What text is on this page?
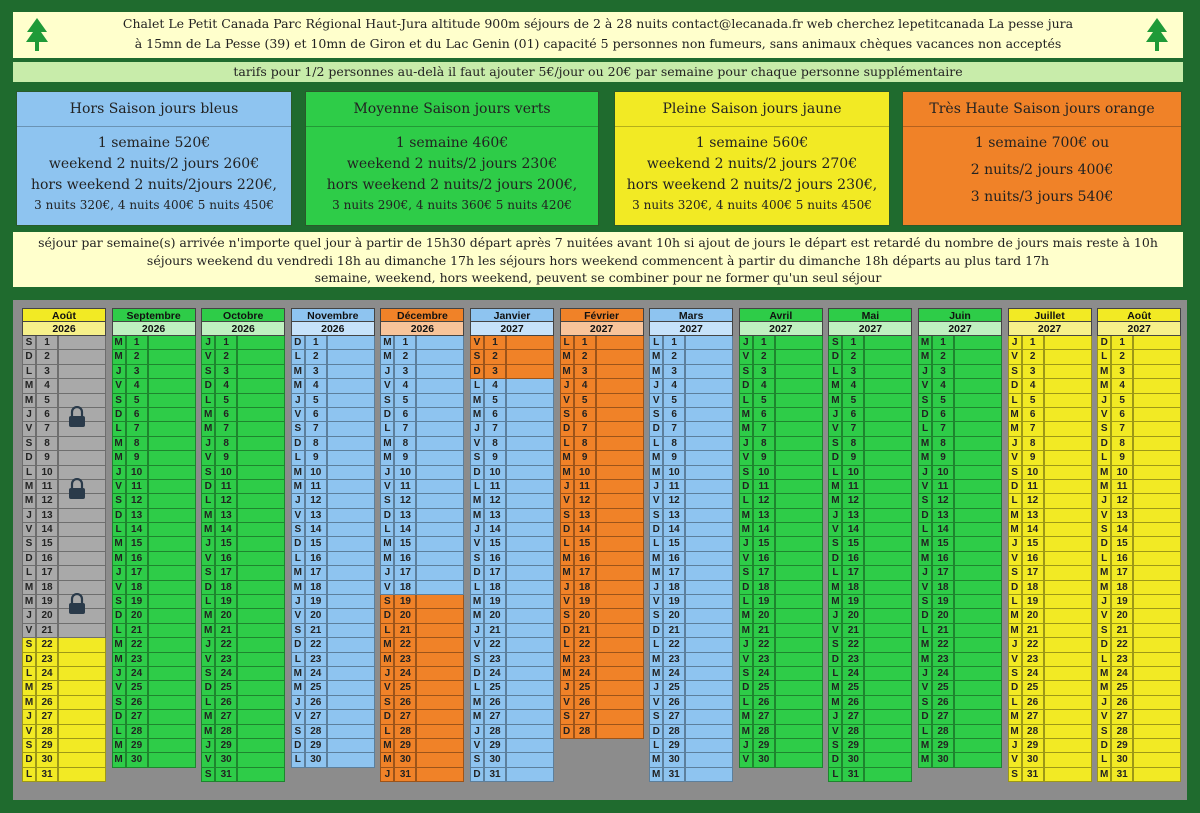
Chalet Le Petit Canada Parc Régional Haut-Jura altitude 900m séjours de 2 à 28 nuits contact@lecanada.fr web cherchez lepetitcanada La pesse jura
à 15mn de La Pesse (39) et 10mn de Giron et du Lac Genin (01) capacité 5 personnes non fumeurs, sans animaux chèques vacances non acceptés
tarifs pour 1/2 personnes au-delà il faut ajouter 5€/jour ou 20€ par semaine pour chaque personne supplémentaire
Hors Saison jours bleus
1 semaine 520€
weekend 2 nuits/2 jours 260€
hors weekend 2 nuits/2jours 220€,
3 nuits 320€, 4 nuits 400€ 5 nuits 450€
Moyenne Saison jours verts
1 semaine 460€
weekend 2 nuits/2 jours 230€
hors weekend 2 nuits/2 jours 200€,
3 nuits 290€, 4 nuits 360€ 5 nuits 420€
Pleine Saison jours jaune
1 semaine 560€
weekend 2 nuits/2 jours 270€
hors weekend 2 nuits/2 jours 230€,
3 nuits 320€, 4 nuits 400€ 5 nuits 450€
Très Haute Saison jours orange
1 semaine 700€ ou
2 nuits/2 jours 400€
3 nuits/3 jours 540€
séjour par semaine(s) arrivée n'importe quel jour à partir de 15h30 départ après 7 nuitées avant 10h si ajout de jours le départ est retardé du nombre de jours mais reste à 10h
séjours weekend du vendredi 18h au dimanche 17h les séjours hors weekend commencent à partir du dimanche 18h départs au plus tard 17h
semaine, weekend, hors weekend, peuvent se combiner pour ne former qu'un seul séjour
Août
2026
S	1
D	2
L	3
M	4
M	5
J	6
V	7
S	8
D	9
L 10
M 11
M 12
J 13
V 14
S 15
D 16
L 17
M 18
M 19
J 20
V 21
S 22
D 23
L 24
M 25
M 26
J 27
V 28
S 29
D 30
L 31
Septembre
2026
M	1
M	2
J	3
V	4
S	5
D	6
L	7
M	8
M	9
J 10
V 11
S 12
D 13
L 14
M 15
M 16
J 17
V 18
S 19
D 20
L 21
M 22
M 23
J 24
V 25
S 26
D 27
L 28
M 29
M 30
Octobre
2026
J	1
V	2
S	3
D	4
L	5
M	6
M	7
J	8
V	9
S 10
D 11
L 12
M 13
M 14
J 15
V 16
S 17
D 18
L 19
M 20
M 21
J 22
V 23
S 24
D 25
L 26
M 27
M 28
J 29
V 30
S 31
Novembre
2026
D	1
L	2
M	3
M	4
J	5
V	6
S	7
D	8
L	9
M 10
M 11
J 12
V 13
S 14
D 15
L 16
M 17
M 18
J 19
V 20
S 21
D 22
L 23
M 24
M 25
J 26
V 27
S 28
D 29
L 30
Décembre
2026
M	1
M	2
J	3
V	4
S	5
D	6
L	7
M	8
M	9
J 10
V 11
S 12
D 13
L 14
M 15
M 16
J 17
V 18
S 19
D 20
L 21
M 22
M 23
J 24
V 25
S 26
D 27
L 28
M 29
M 30
J 31
Janvier
2027
V	1
S	2
D	3
L	4
M	5
M	6
J	7
V	8
S	9
D 10
L 11
M 12
M 13
J 14
V 15
S 16
D 17
L 18
M 19
M 20
J 21
V 22
S 23
D 24
L 25
M 26
M 27
J 28
V 29
S 30
D 31
Février
2027
L	1
M	2
M	3
J	4
V	5
S	6
D	7
L	8
M	9
M 10
J 11
V 12
S 13
D 14
L 15
M 16
M 17
J 18
V 19
S 20
D 21
L 22
M 23
M 24
J 25
V 26
S 27
D 28
Mars
2027
L	1
M	2
M	3
J	4
V	5
S	6
D	7
L	8
M	9
M 10
J 11
V 12
S 13
D 14
L 15
M 16
M 17
J 18
V 19
S 20
D 21
L 22
M 23
M 24
J 25
V 26
S 27
D 28
L 29
M 30
M 31
Avril
2027
J	1
V	2
S	3
D	4
L	5
M	6
M	7
J	8
V	9
S 10
D 11
L 12
M 13
M 14
J 15
V 16
S 17
D 18
L 19
M 20
M 21
J 22
V 23
S 24
D 25
L 26
M 27
M 28
J 29
V 30
Mai
2027
S	1
D	2
L	3
M	4
M	5
J	6
V	7
S	8
D	9
L 10
M 11
M 12
J 13
V 14
S 15
D 16
L 17
M 18
M 19
J 20
V 21
S 22
D 23
L 24
M 25
M 26
J 27
V 28
S 29
D 30
L 31
Juin
2027
M	1
M	2
J	3
V	4
S	5
D	6
L	7
M	8
M	9
J 10
V 11
S 12
D 13
L 14
M 15
M 16
J 17
V 18
S 19
D 20
L 21
M 22
M 23
J 24
V 25
S 26
D 27
L 28
M 29
M 30
Juillet
2027
J	1
V	2
S	3
D	4
L	5
M	6
M	7
J	8
V	9
S 10
D 11
L 12
M 13
M 14
J 15
V 16
S 17
D 18
L 19
M 20
M 21
J 22
V 23
S 24
D 25
L 26
M 27
M 28
J 29
V 30
S 31
Août
2027
D	1
L	2
M	3
M	4
J	5
V	6
S	7
D	8
L	9
M 10
M 11
J 12
V 13
S 14
D 15
L 16
M 17
M 18
J 19
V 20
S 21
D 22
L 23
M 24
M 25
J 26
V 27
S 28
D 29
L 30
M 31
